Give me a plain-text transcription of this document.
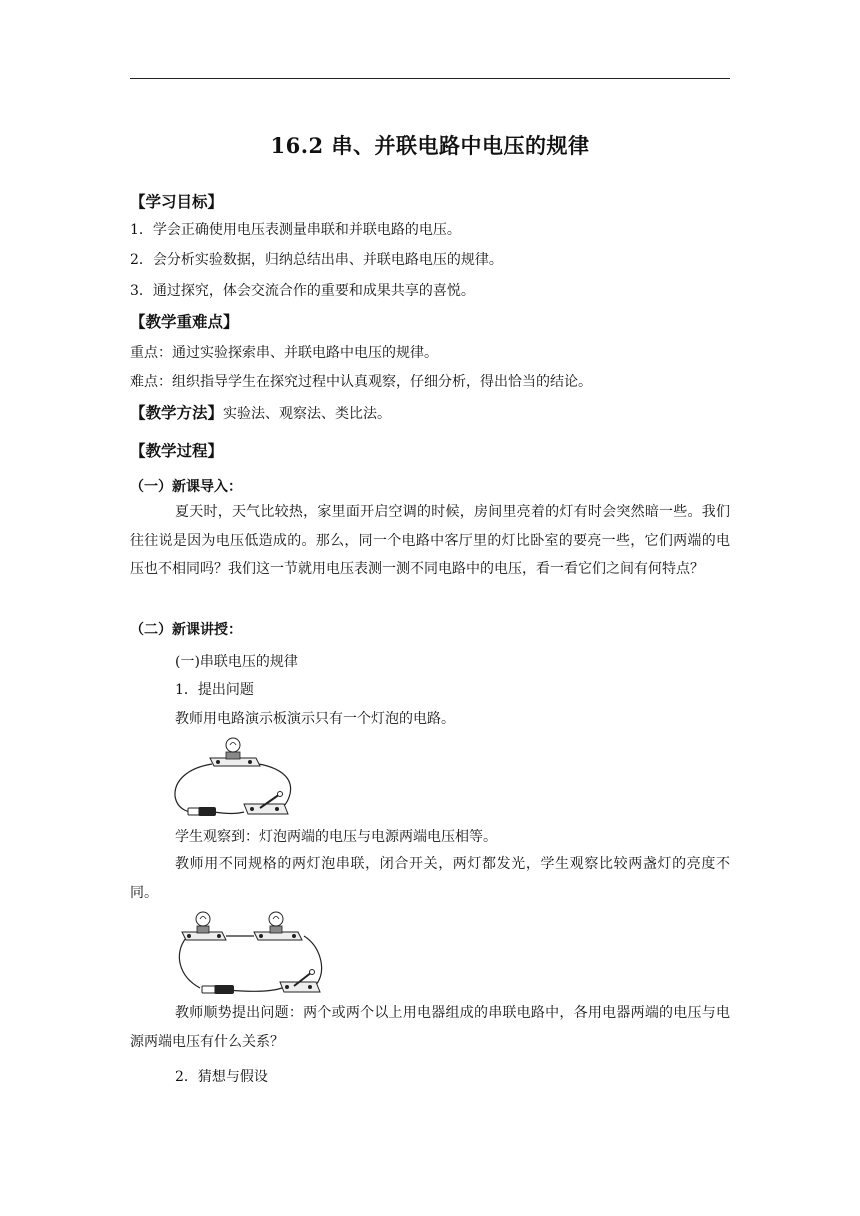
16.2 串、并联电路中电压的规律
【学习目标】
1．学会正确使用电压表测量串联和并联电路的电压。
2．会分析实验数据，归纳总结出串、并联电路电压的规律。
3．通过探究，体会交流合作的重要和成果共享的喜悦。
【教学重难点】
重点：通过实验探索串、并联电路中电压的规律。
难点：组织指导学生在探究过程中认真观察，仔细分析，得出恰当的结论。
【教学方法】实验法、观察法、类比法。
【教学过程】
（一）新课导入：
夏天时，天气比较热，家里面开启空调的时候，房间里亮着的灯有时会突然暗一些。我们往往说是因为电压低造成的。那么，同一个电路中客厅里的灯比卧室的要亮一些，它们两端的电压也不相同吗？我们这一节就用电压表测一测不同电路中的电压，看一看它们之间有何特点？
（二）新课讲授：
(一)串联电压的规律
1．提出问题
教师用电路演示板演示只有一个灯泡的电路。
学生观察到：灯泡两端的电压与电源两端电压相等。
教师用不同规格的两灯泡串联，闭合开关，两灯都发光，学生观察比较两盏灯的亮度不同。
教师顺势提出问题：两个或两个以上用电器组成的串联电路中，各用电器两端的电压与电源两端电压有什么关系？
2．猜想与假设
